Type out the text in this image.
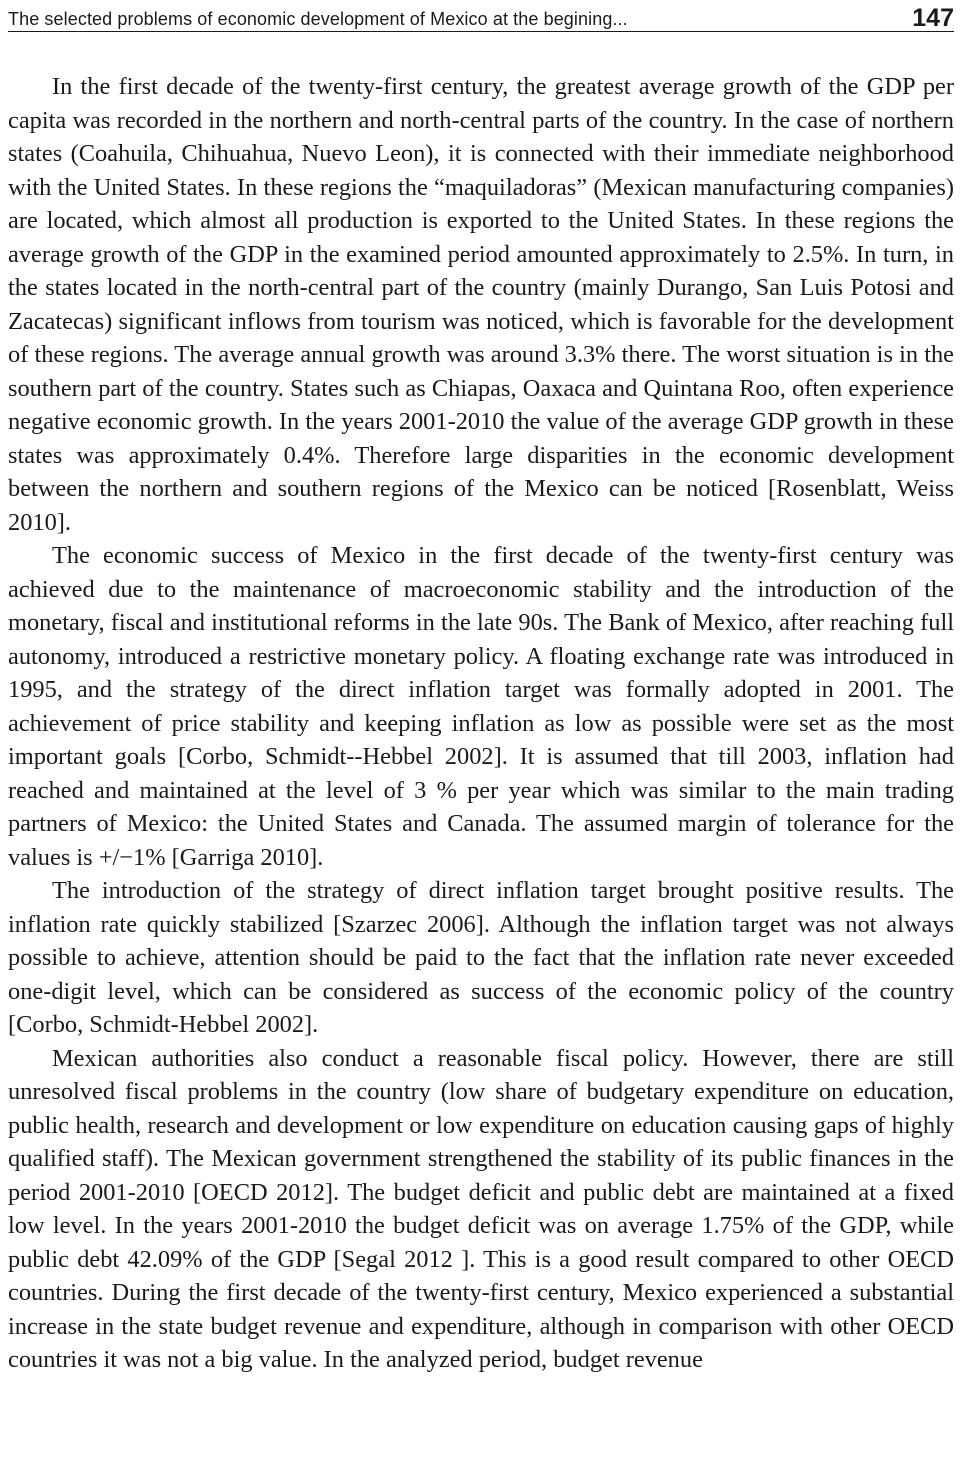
The selected problems of economic development of Mexico at the begining...	147

In the first decade of the twenty-first century, the greatest average growth of the GDP per capita was recorded in the northern and north-central parts of the country. In the case of northern states (Coahuila, Chihuahua, Nuevo Leon), it is connected with their immediate neighborhood with the United States. In these regions the “maquiladoras” (Mexican manufacturing companies) are located, which almost all production is exported to the United States. In these regions the average growth of the GDP in the examined period amounted approximately to 2.5%. In turn, in the states located in the north-central part of the country (mainly Durango, San Luis Potosi and Zacatecas) significant inflows from tourism was noticed, which is favorable for the development of these regions. The average annual growth was around 3.3% there. The worst situation is in the southern part of the country. States such as Chiapas, Oaxaca and Quintana Roo, often experience negative economic growth. In the years 2001-2010 the value of the average GDP growth in these states was approximately 0.4%. Therefore large disparities in the economic development between the northern and southern regions of the Mexico can be noticed [Rosenblatt, Weiss 2010].

The economic success of Mexico in the first decade of the twenty-first century was achieved due to the maintenance of macroeconomic stability and the introduction of the monetary, fiscal and institutional reforms in the late 90s. The Bank of Mexico, after reaching full autonomy, introduced a restrictive monetary policy. A floating exchange rate was introduced in 1995, and the strategy of the direct inflation target was formally adopted in 2001. The achievement of price stability and keeping inflation as low as possible were set as the most important goals [Corbo, Schmidt-‑Hebbel 2002]. It is assumed that till 2003, inflation had reached and maintained at the level of 3 % per year which was similar to the main trading partners of Mexico: the United States and Canada. The assumed margin of tolerance for the values is +/−1% [Garriga 2010].

The introduction of the strategy of direct inflation target brought positive results. The inflation rate quickly stabilized [Szarzec 2006]. Although the inflation target was not always possible to achieve, attention should be paid to the fact that the inflation rate never exceeded one-digit level, which can be considered as success of the economic policy of the country [Corbo, Schmidt-Hebbel 2002].

Mexican authorities also conduct a reasonable fiscal policy. However, there are still unresolved fiscal problems in the country (low share of budgetary expenditure on education, public health, research and development or low expenditure on education causing gaps of highly qualified staff). The Mexican government strengthened the stability of its public finances in the period 2001-2010 [OECD 2012]. The budget deficit and public debt are maintained at a fixed low level. In the years 2001-2010 the budget deficit was on average 1.75% of the GDP, while public debt 42.09% of the GDP [Segal 2012 ]. This is a good result compared to other OECD countries. During the first decade of the twenty-first century, Mexico experienced a substantial increase in the state budget revenue and expenditure, although in comparison with other OECD countries it was not a big value. In the analyzed period, budget revenue
